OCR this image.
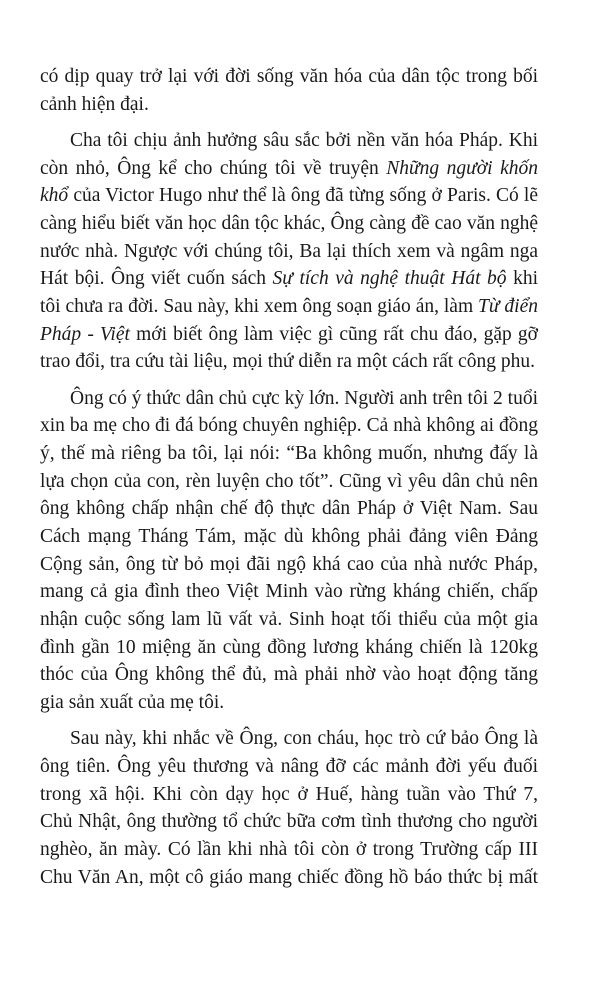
có dịp quay trở lại với đời sống văn hóa của dân tộc trong bối
cảnh hiện đại.
Cha tôi chịu ảnh hưởng sâu sắc bởi nền văn hóa Pháp. Khi
còn nhỏ, Ông kể cho chúng tôi về truyện Những người khốn
khổ của Victor Hugo như thể là ông đã từng sống ở Paris. Có lẽ
càng hiểu biết văn học dân tộc khác, Ông càng đề cao văn nghệ
nước nhà. Ngược với chúng tôi, Ba lại thích xem và ngâm nga
Hát bội. Ông viết cuốn sách Sự tích và nghệ thuật Hát bộ khi
tôi chưa ra đời. Sau này, khi xem ông soạn giáo án, làm Từ điển
Pháp - Việt mới biết ông làm việc gì cũng rất chu đáo, gặp gỡ
trao đổi, tra cứu tài liệu, mọi thứ diễn ra một cách rất công phu.
Ông có ý thức dân chủ cực kỳ lớn. Người anh trên tôi 2 tuổi
xin ba mẹ cho đi đá bóng chuyên nghiệp. Cả nhà không ai đồng
ý, thế mà riêng ba tôi, lại nói: “Ba không muốn, nhưng đấy là
lựa chọn của con, rèn luyện cho tốt”. Cũng vì yêu dân chủ nên
ông không chấp nhận chế độ thực dân Pháp ở Việt Nam. Sau
Cách mạng Tháng Tám, mặc dù không phải đảng viên Đảng
Cộng sản, ông từ bỏ mọi đãi ngộ khá cao của nhà nước Pháp,
mang cả gia đình theo Việt Minh vào rừng kháng chiến, chấp
nhận cuộc sống lam lũ vất vả. Sinh hoạt tối thiểu của một gia
đình gần 10 miệng ăn cùng đồng lương kháng chiến là 120kg
thóc của Ông không thể đủ, mà phải nhờ vào hoạt động tăng
gia sản xuất của mẹ tôi.
Sau này, khi nhắc về Ông, con cháu, học trò cứ bảo Ông là
ông tiên. Ông yêu thương và nâng đỡ các mảnh đời yếu đuối
trong xã hội. Khi còn dạy học ở Huế, hàng tuần vào Thứ 7,
Chủ Nhật, ông thường tổ chức bữa cơm tình thương cho người
nghèo, ăn mày. Có lần khi nhà tôi còn ở trong Trường cấp III
Chu Văn An, một cô giáo mang chiếc đồng hồ báo thức bị mất
